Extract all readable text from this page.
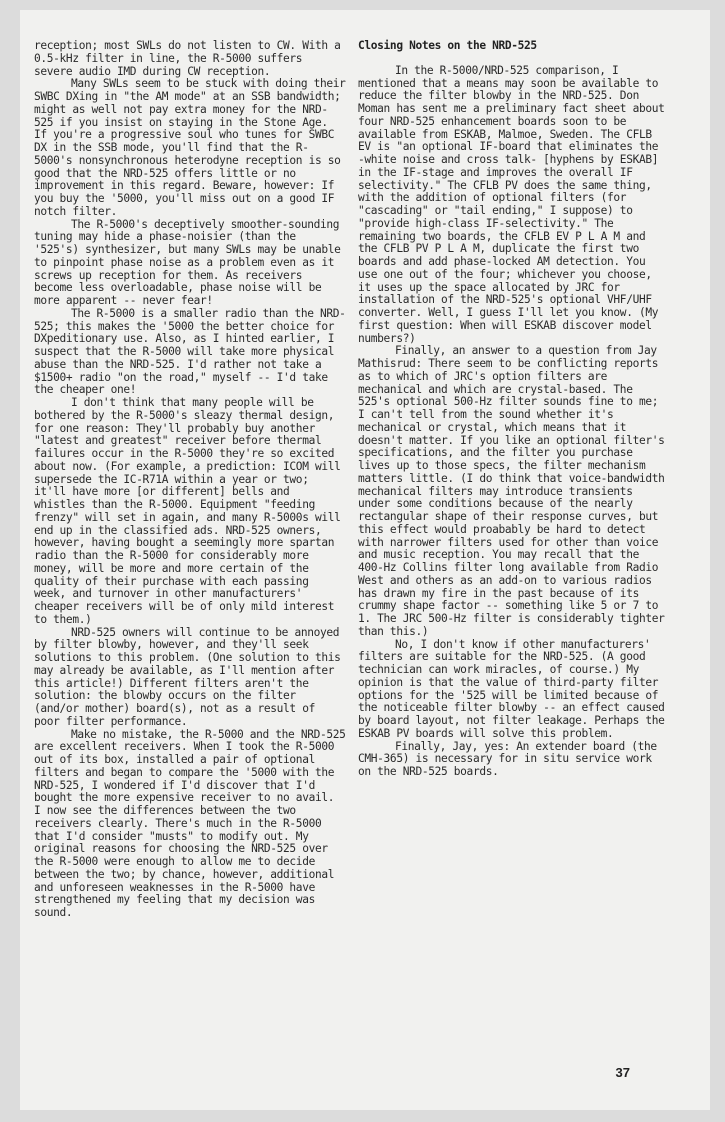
reception; most SWLs do not listen to CW. With a 0.5-kHz filter in line, the R-5000 suffers severe audio IMD during CW reception.

Many SWLs seem to be stuck with doing their SWBC DXing in "the AM mode" at an SSB bandwidth; might as well not pay extra money for the NRD-525 if you insist on staying in the Stone Age. If you're a progressive soul who tunes for SWBC DX in the SSB mode, you'll find that the R-5000's nonsynchronous heterodyne reception is so good that the NRD-525 offers little or no improvement in this regard. Beware, however: If you buy the '5000, you'll miss out on a good IF notch filter.

The R-5000's deceptively smoother-sounding tuning may hide a phase-noisier (than the '525's) synthesizer, but many SWLs may be unable to pinpoint phase noise as a problem even as it screws up reception for them. As receivers become less overloadable, phase noise will be more apparent -- never fear!

The R-5000 is a smaller radio than the NRD-525; this makes the '5000 the better choice for DXpeditionary use. Also, as I hinted earlier, I suspect that the R-5000 will take more physical abuse than the NRD-525. I'd rather not take a $1500+ radio "on the road," myself -- I'd take the cheaper one!

I don't think that many people will be bothered by the R-5000's sleazy thermal design, for one reason: They'll probably buy another "latest and greatest" receiver before thermal failures occur in the R-5000 they're so excited about now. (For example, a prediction: ICOM will supersede the IC-R71A within a year or two; it'll have more [or different] bells and whistles than the R-5000. Equipment "feeding frenzy" will set in again, and many R-5000s will end up in the classified ads. NRD-525 owners, however, having bought a seemingly more spartan radio than the R-5000 for considerably more money, will be more and more certain of the quality of their purchase with each passing week, and turnover in other manufacturers' cheaper receivers will be of only mild interest to them.)

NRD-525 owners will continue to be annoyed by filter blowby, however, and they'll seek solutions to this problem. (One solution to this may already be available, as I'll mention after this article!) Different filters aren't the solution: the blowby occurs on the filter (and/or mother) board(s), not as a result of poor filter performance.

Make no mistake, the R-5000 and the NRD-525 are excellent receivers. When I took the R-5000 out of its box, installed a pair of optional filters and began to compare the '5000 with the NRD-525, I wondered if I'd discover that I'd bought the more expensive receiver to no avail. I now see the differences between the two receivers clearly. There's much in the R-5000 that I'd consider "musts" to modify out. My original reasons for choosing the NRD-525 over the R-5000 were enough to allow me to decide between the two; by chance, however, additional and unforeseen weaknesses in the R-5000 have strengthened my feeling that my decision was sound.

Closing Notes on the NRD-525

In the R-5000/NRD-525 comparison, I mentioned that a means may soon be available to reduce the filter blowby in the NRD-525. Don Moman has sent me a preliminary fact sheet about four NRD-525 enhancement boards soon to be available from ESKAB, Malmoe, Sweden. The CFLB EV is "an optional IF-board that eliminates the -white noise and cross talk- [hyphens by ESKAB] in the IF-stage and improves the overall IF selectivity." The CFLB PV does the same thing, with the addition of optional filters (for "cascading" or "tail ending," I suppose) to "provide high-class IF-selectivity." The remaining two boards, the CFLB EV P L A M and the CFLB PV P L A M, duplicate the first two boards and add phase-locked AM detection. You use one out of the four; whichever you choose, it uses up the space allocated by JRC for installation of the NRD-525's optional VHF/UHF converter. Well, I guess I'll let you know. (My first question: When will ESKAB discover model numbers?)

Finally, an answer to a question from Jay Mathisrud: There seem to be conflicting reports as to which of JRC's option filters are mechanical and which are crystal-based. The 525's optional 500-Hz filter sounds fine to me; I can't tell from the sound whether it's mechanical or crystal, which means that it doesn't matter. If you like an optional filter's specifications, and the filter you purchase lives up to those specs, the filter mechanism matters little. (I do think that voice-bandwidth mechanical filters may introduce transients under some conditions because of the nearly rectangular shape of their response curves, but this effect would proabably be hard to detect with narrower filters used for other than voice and music reception. You may recall that the 400-Hz Collins filter long available from Radio West and others as an add-on to various radios has drawn my fire in the past because of its crummy shape factor -- something like 5 or 7 to 1. The JRC 500-Hz filter is considerably tighter than this.)

No, I don't know if other manufacturers' filters are suitable for the NRD-525. (A good technician can work miracles, of course.) My opinion is that the value of third-party filter options for the '525 will be limited because of the noticeable filter blowby -- an effect caused by board layout, not filter leakage. Perhaps the ESKAB PV boards will solve this problem.

Finally, Jay, yes: An extender board (the CMH-365) is necessary for in situ service work on the NRD-525 boards.

37
